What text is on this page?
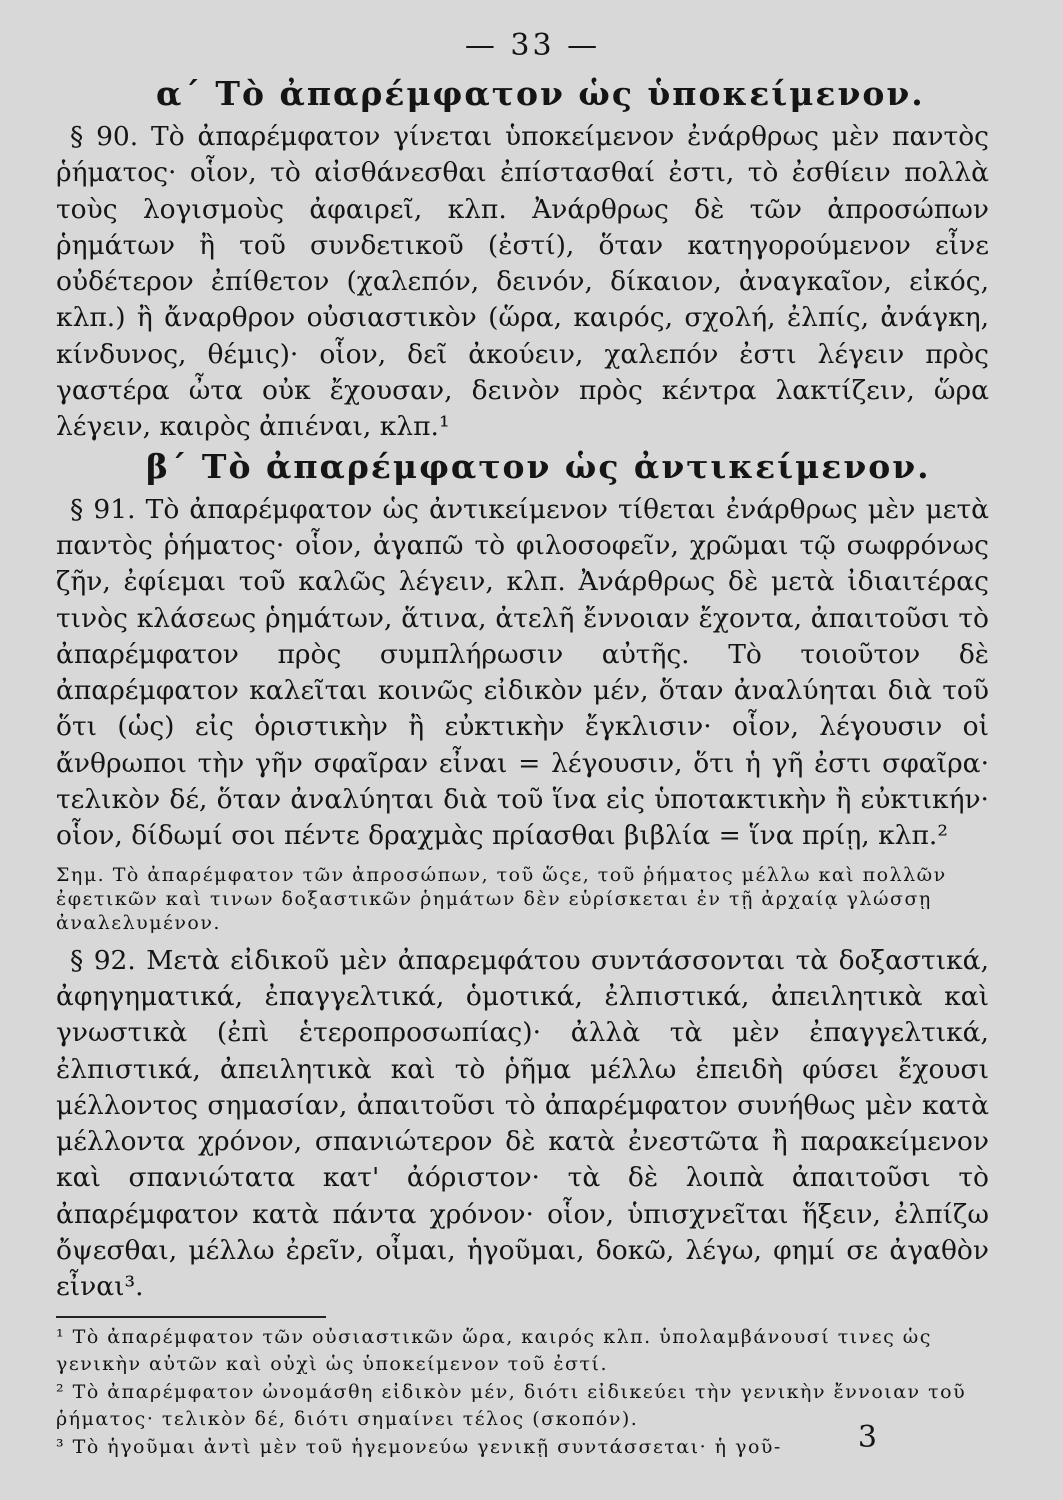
— 33 —
α΄ Τὸ ἀπαρέμφατον ὡς ὑποκείμενον.

§ 90. Τὸ ἀπαρέμφατον γίνεται ὑποκείμενον ἐνάρθρως μὲν παντὸς ῥήματος· οἷον, τὸ αἰσθάνεσθαι ἐπίστασθαί ἐστι, τὸ ἐσθίειν πολλὰ τοὺς λογισμοὺς ἀφαιρεῖ, κλπ. Ἀνάρθρως δὲ τῶν ἀπροσώπων ῥημάτων ἢ τοῦ συνδετικοῦ (ἐστί), ὅταν κατηγορούμενον εἶνε οὐδέτερον ἐπίθετον (χαλεπόν, δεινόν, δίκαιον, ἀναγκαῖον, εἰκός, κλπ.) ἢ ἄναρθρον οὐσιαστικὸν (ὥρα, καιρός, σχολή, ἐλπίς, ἀνάγκη, κίνδυνος, θέμις)· οἷον, δεῖ ἀκούειν, χαλεπόν ἐστι λέγειν πρὸς γαστέρα ὦτα οὐκ ἔχουσαν, δεινὸν πρὸς κέντρα λακτίζειν, ὥρα λέγειν, καιρὸς ἀπιέναι, κλπ.¹

β΄ Τὸ ἀπαρέμφατον ὡς ἀντικείμενον.

§ 91. Τὸ ἀπαρέμφατον ὡς ἀντικείμενον τίθεται ἐνάρθρως μὲν μετὰ παντὸς ῥήματος· οἷον, ἀγαπῶ τὸ φιλοσοφεῖν, χρῶμαι τῷ σωφρόνως ζῆν, ἐφίεμαι τοῦ καλῶς λέγειν, κλπ. Ἀνάρθρως δὲ μετὰ ἰδιαιτέρας τινὸς κλάσεως ῥημάτων, ἅτινα, ἀτελῆ ἔννοιαν ἔχοντα, ἀπαιτοῦσι τὸ ἀπαρέμφατον πρὸς συμπλήρωσιν αὐτῆς. Τὸ τοιοῦτον δὲ ἀπαρέμφατον καλεῖται κοινῶς εἰδικὸν μέν, ὅταν ἀναλύηται διὰ τοῦ ὅτι (ὡς) εἰς ὁριστικὴν ἢ εὐκτικὴν ἔγκλισιν· οἷον, λέγουσιν οἱ ἄνθρωποι τὴν γῆν σφαῖραν εἶναι = λέγουσιν, ὅτι ἡ γῆ ἐστι σφαῖρα· τελικὸν δέ, ὅταν ἀναλύηται διὰ τοῦ ἵνα εἰς ὑποτακτικὴν ἢ εὐκτικήν· οἷον, δίδωμί σοι πέντε δραχμὰς πρίασθαι βιβλία = ἵνα πρίῃ, κλπ.²

Σημ. Τὸ ἀπαρέμφατον τῶν ἀπροσώπων, τοῦ ὥςε, τοῦ ῥήματος μέλλω καὶ πολλῶν ἐφετικῶν καὶ τινων δοξαστικῶν ῥημάτων δὲν εὑρίσκεται ἐν τῇ ἀρχαίᾳ γλώσσῃ ἀναλελυμένον.

§ 92. Μετὰ εἰδικοῦ μὲν ἀπαρεμφάτου συντάσσονται τὰ δοξαστικά, ἀφηγηματικά, ἐπαγγελτικά, ὁμοτικά, ἐλπιστικά, ἀπειλητικὰ καὶ γνωστικὰ (ἐπὶ ἑτεροπροσωπίας)· ἀλλὰ τὰ μὲν ἐπαγγελτικά, ἐλπιστικά, ἀπειλητικὰ καὶ τὸ ῥῆμα μέλλω ἐπειδὴ φύσει ἔχουσι μέλλοντος σημασίαν, ἀπαιτοῦσι τὸ ἀπαρέμφατον συνήθως μὲν κατὰ μέλλοντα χρόνον, σπανιώτερον δὲ κατὰ ἐνεστῶτα ἢ παρακείμενον καὶ σπανιώτατα κατ' ἀόριστον· τὰ δὲ λοιπὰ ἀπαιτοῦσι τὸ ἀπαρέμφατον κατὰ πάντα χρόνον· οἷον, ὑπισχνεῖται ἥξειν, ἐλπίζω ὄψεσθαι, μέλλω ἐρεῖν, οἶμαι, ἡγοῦμαι, δοκῶ, λέγω, φημί σε ἀγαθὸν εἶναι³.

¹ Τὸ ἀπαρέμφατον τῶν οὐσιαστικῶν ὥρα, καιρός κλπ. ὑπολαμβάνουσί τινες ὡς γενικὴν αὐτῶν καὶ οὐχὶ ὡς ὑποκείμενον τοῦ ἐστί.

² Τὸ ἀπαρέμφατον ὠνομάσθη εἰδικὸν μέν, διότι εἰδικεύει τὴν γενικὴν ἔννοιαν τοῦ ῥήματος· τελικὸν δέ, διότι σημαίνει τέλος (σκοπόν).

³ Τὸ ἡγοῦμαι ἀντὶ μὲν τοῦ ἡγεμονεύω γενικῇ συντάσσεται· ἡ γοῦ-	3
